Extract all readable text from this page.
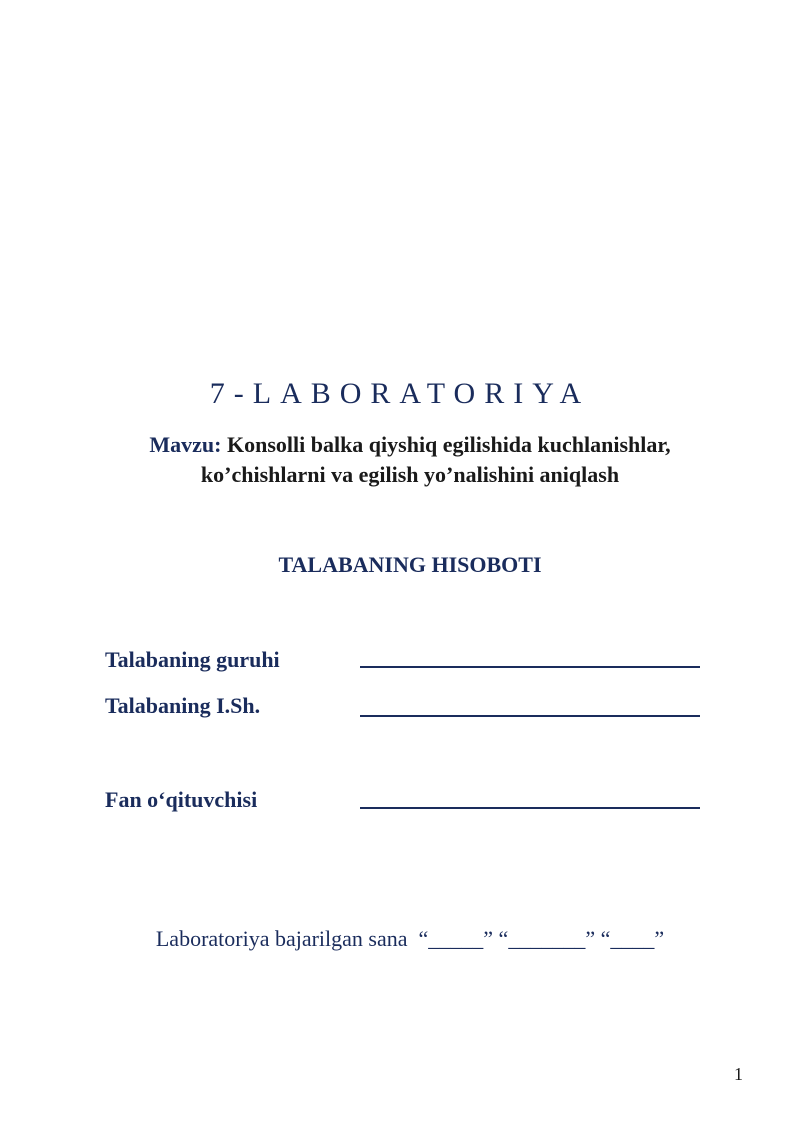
7-LABORATORIYA
Mavzu: Konsolli balka qiyshiq egilishida kuchlanishlar,
ko’chishlarni va egilish yo’nalishini aniqlash
TALABANING HISOBOTI
Talabaning guruhi
Talabaning I.Sh.
Fan o‘qituvchisi
Laboratoriya bajarilgan sana “_____” “_______” “____”
1
